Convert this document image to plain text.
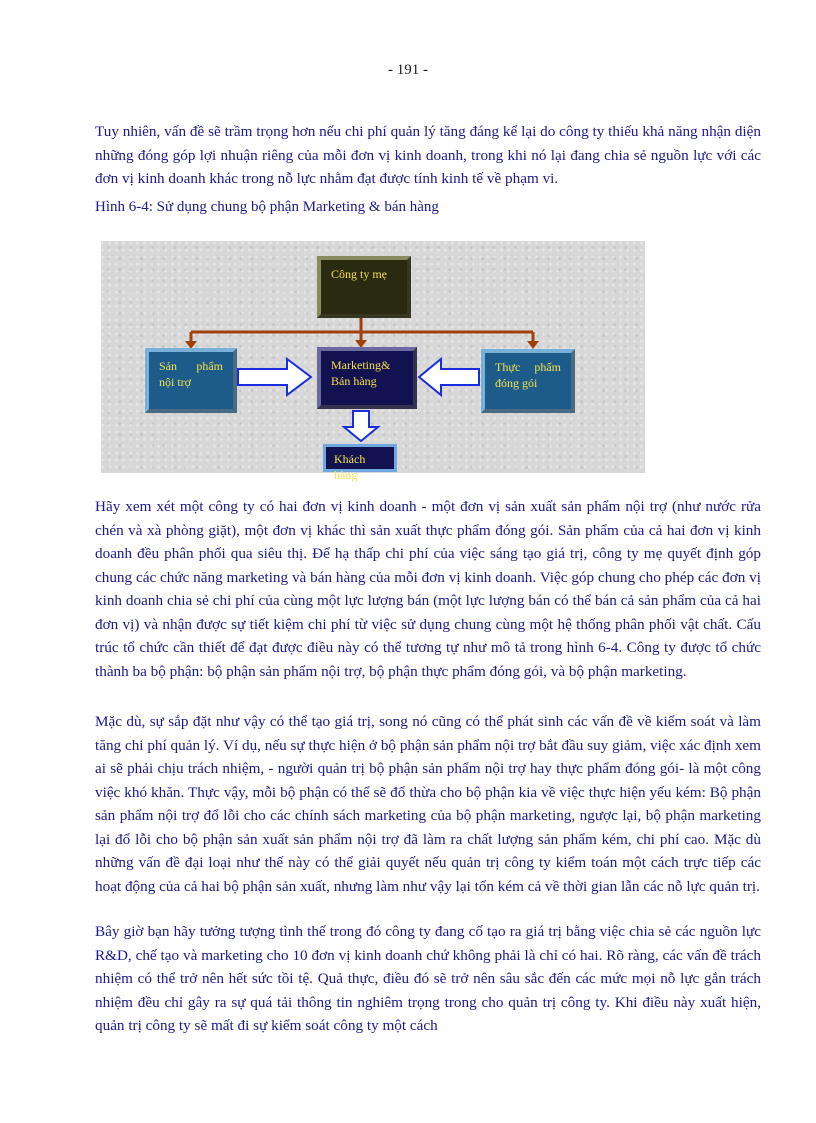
- 191 -

Tuy nhiên, vấn đề sẽ trầm trọng hơn nếu chi phí quản lý tăng đáng kể lại do công ty thiếu khả năng nhận diện những đóng góp lợi nhuận riêng của mỗi đơn vị kinh doanh, trong khi nó lại đang chia sẻ nguồn lực với các đơn vị kinh doanh khác trong nỗ lực nhằm đạt được tính kinh tế về phạm vi.

Hình 6-4: Sử dụng chung bộ phận Marketing & bán hàng
Công ty mẹ
Marketing& Bán hàng
Sản phẩm nội trợ
Thực phẩm đóng gói
Khách hàng

Hãy xem xét một công ty có hai đơn vị kinh doanh - một đơn vị sản xuất sản phẩm nội trợ (như nước rửa chén và xà phòng giặt), một đơn vị khác thì sản xuất thực phẩm đóng gói. Sản phẩm của cả hai đơn vị kinh doanh đều phân phối qua siêu thị. Để hạ thấp chi phí của việc sáng tạo giá trị, công ty mẹ quyết định góp chung các chức năng marketing và bán hàng của mỗi đơn vị kinh doanh. Việc góp chung cho phép các đơn vị kinh doanh chia sẻ chi phí của cùng một lực lượng bán (một lực lượng bán có thể bán cả sản phẩm của cả hai đơn vị) và nhận được sự tiết kiệm chi phí từ việc sử dụng chung cùng một hệ thống phân phối vật chất. Cấu trúc tổ chức cần thiết để đạt được điều này có thể tương tự như mô tả trong hình 6-4. Công ty được tổ chức thành ba bộ phận: bộ phận sản phẩm nội trợ, bộ phận thực phẩm đóng gói, và bộ phận marketing.

Mặc dù, sự sắp đặt như vậy có thể tạo giá trị, song nó cũng có thể phát sinh các vấn đề về kiểm soát và làm tăng chi phí quản lý. Ví dụ, nếu sự thực hiện ở bộ phận sản phẩm nội trợ bắt đầu suy giảm, việc xác định xem ai sẽ phải chịu trách nhiệm, - người quản trị bộ phận sản phẩm nội trợ hay thực phẩm đóng gói- là một công việc khó khăn. Thực vậy, mỗi bộ phận có thể sẽ đổ thừa cho bộ phận kia về việc thực hiện yếu kém: Bộ phận sản phẩm nội trợ đổ lỗi cho các chính sách marketing của bộ phận marketing, ngược lại, bộ phận marketing lại đổ lỗi cho bộ phận sản xuất sản phẩm nội trợ đã làm ra chất lượng sản phẩm kém, chi phí cao. Mặc dù những vấn đề đại loại như thế này có thể giải quyết nếu quản trị công ty kiểm toán một cách trực tiếp các hoạt động của cả hai bộ phận sản xuất, nhưng làm như vậy lại tốn kém cả về thời gian lẫn các nỗ lực quản trị.

Bây giờ bạn hãy tưởng tượng tình thế trong đó công ty đang cố tạo ra giá trị bằng việc chia sẻ các nguồn lực R&D, chế tạo và marketing cho 10 đơn vị kinh doanh chứ không phải là chỉ có hai. Rõ ràng, các vấn đề trách nhiệm có thể trở nên hết sức tồi tệ. Quả thực, điều đó sẽ trở nên sâu sắc đến các mức mọi nỗ lực gắn trách nhiệm đều chỉ gây ra sự quá tải thông tin nghiêm trọng trong cho quản trị công ty. Khi điều này xuất hiện, quản trị công ty sẽ mất đi sự kiểm soát công ty một cách
